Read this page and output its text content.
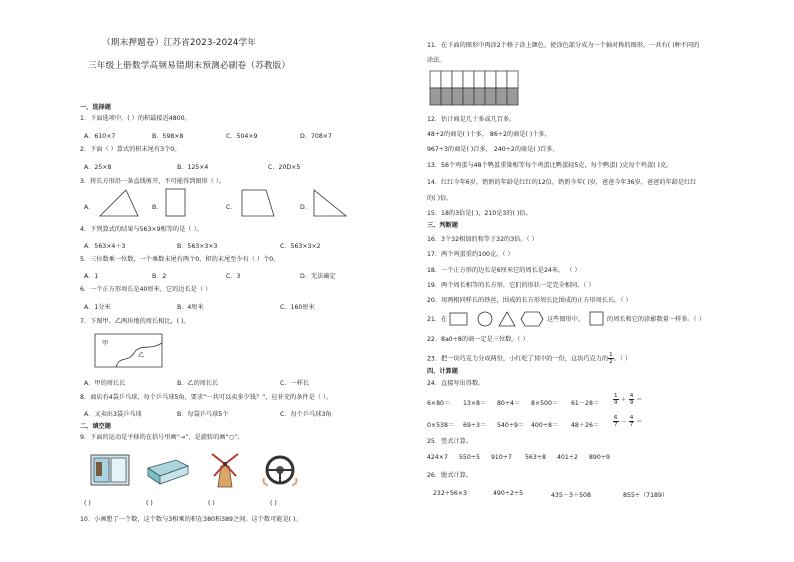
（期末押题卷）江苏省2023-2024学年
三年级上册数学高频易错期末预测必刷卷（苏教版）
一、选择题
1．下面选项中，( ）的积最接近4800。
A．610×7	B．598×8	C．504×9	D．708×7
2．下面（ ）算式的积末尾有3个0。
A．25×8	B．125×4	C．20D×5
3．将长方形沿一条直线剪开，不可能得到图形（ ）。
A．	B．	C．	D．
4．下列算式的结果与563×9相等的是（ ）。
A．563×4＋3	B．563×3×3	C．563×3×2
5．三位数乘一位数，一个乘数末尾有两个0，积的末尾至少有（ ）个0。
A．1	B．2	C．3	D．无法确定
6．一个正方形周长是40厘米，它的边长是（ ）
A．1分米	B．4厘米	C．160厘米
7．下图甲、乙两块地的周长相比，( )。
甲
乙
A．甲的周长长	B．乙的周长长	C．一样长
8．商店有4袋乒乓球，每个乒乓球5角，要求“一共可以卖多少钱？”，应补充的条件是（ ）。
A．又卖出3袋乒乓球	B．每袋乒乓球5个	C．每个乒乓球3角
二、填空题
9．下面的运动是平移的在括号里画“→”，是旋转的画“○”。
( )	( )	( )	( )
10．小画想了一个数，这个数与3相乘的积在380和389之间。这个数可能是( )。
11．在下面的图形中再涂2个格子涂上颜色，使涂色部分成为一个轴对称的图形，一共有( )种不同的
涂法。
12．估计商是几十多或几百多。
48÷2的商是( )十多， 86÷2的商是( )十多，
967÷3的商是( )百多， 240÷2的商是( )百多。
13．56个鸡蛋与48个鸭蛋重量相等每个鸡蛋比鸭蛋轻5克，每个鸭蛋( )克每个鸡蛋( )克。
14．红红今年6岁，奶奶的年龄是红红的12倍，奶奶今年( )岁，爸爸今年36岁，爸爸的年龄是红红
的( )倍。
15．18的3倍是( )，210是3的( )倍。
三、判断题
16．3个32相加的和等于32的3倍。（ ）
17．两个鸡蛋重约100克。（ ）
18．一个正方形的边长是6厘米它的周长是24米。 （ ）
19．两个周长相等的长方形，它们的形状一定完全相同。（ ）
20．用两根同样长的铁丝，围成的长方形周长比围成的正方形周长长。（ ）
21．在	这些图形中，	的周长和它的涂影数量一样多。（ ）
22．8a0÷8的商一定是三位数。（ ）
23．把一块巧克力分成两份，小红吃了其中的一份，这块巧克力的 $\frac{1}{2}$ 。（ ）
四、计算题
24．直接写出得数。
$6\times 80= 13\times 8= 80\div 4= 8\times 500= 61-28= \frac{1}{9} + \frac{4}{9}$ ＝
$0\times 538= 69\div 3= 540\div 9= 400\div 8= 48+26= \frac{6}{7} - \frac{4}{7}$ ＝
25．竖式计算。
424×7 550÷5 910÷7 563÷8 401÷2 890÷9
26．脱式计算。
232÷56×3	490÷2÷5	435－3＋508	855÷（7189）
